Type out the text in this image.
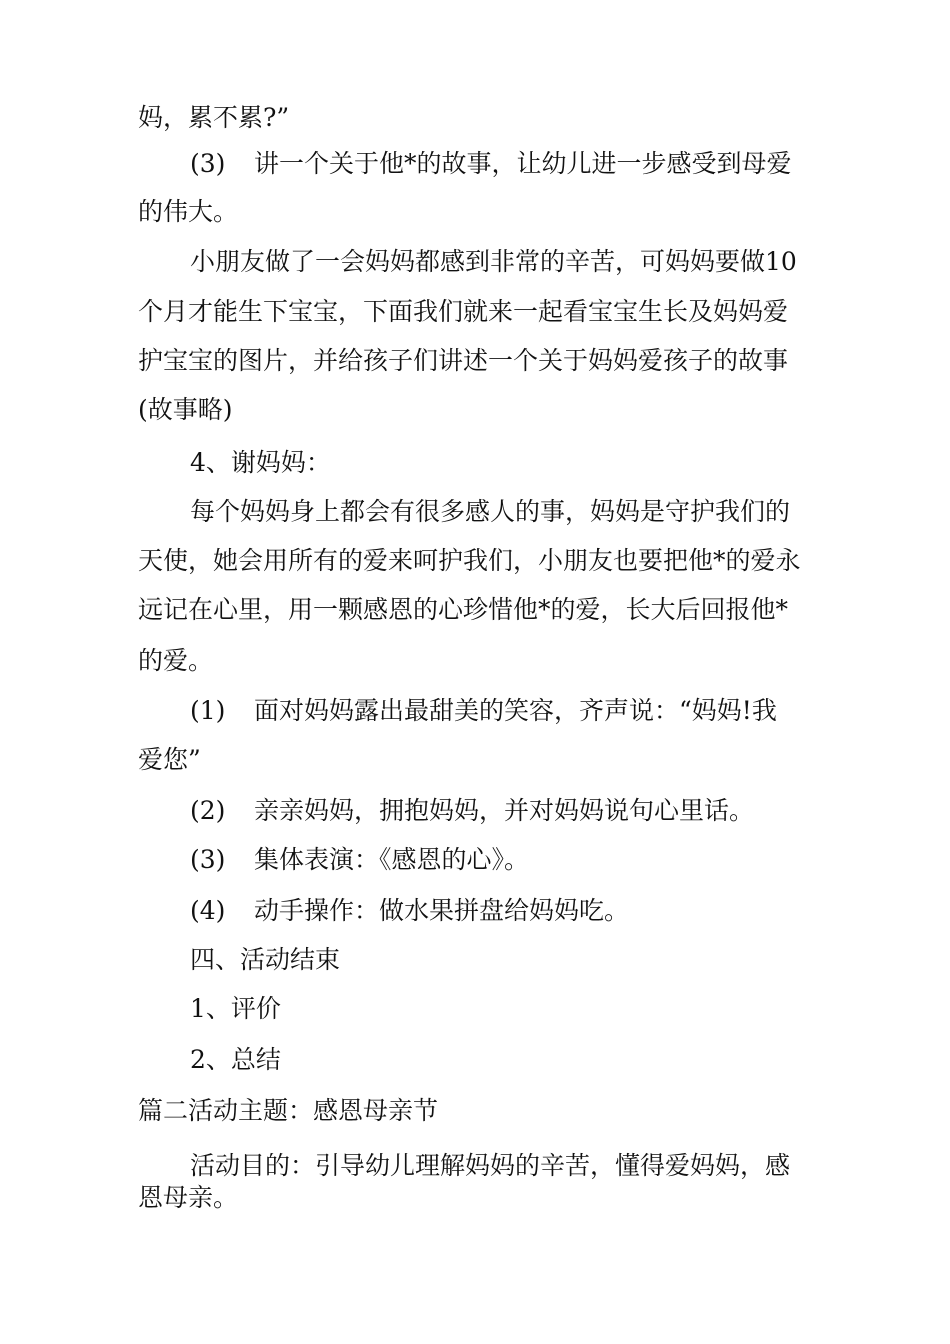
妈，累不累?”

(3) 讲一个关于他*的故事，让幼儿进一步感受到母爱

的伟大。

小朋友做了一会妈妈都感到非常的辛苦，可妈妈要做10

个月才能生下宝宝，下面我们就来一起看宝宝生长及妈妈爱

护宝宝的图片，并给孩子们讲述一个关于妈妈爱孩子的故事

(故事略)

4、谢妈妈：

每个妈妈身上都会有很多感人的事，妈妈是守护我们的

天使，她会用所有的爱来呵护我们，小朋友也要把他*的爱永

远记在心里，用一颗感恩的心珍惜他*的爱，长大后回报他*

的爱。

(1) 面对妈妈露出最甜美的笑容，齐声说：“妈妈!我

爱您”

(2) 亲亲妈妈，拥抱妈妈，并对妈妈说句心里话。

(3) 集体表演：《感恩的心》。

(4) 动手操作：做水果拼盘给妈妈吃。

四、活动结束

1、评价

2、总结

篇二活动主题：感恩母亲节

活动目的：引导幼儿理解妈妈的辛苦，懂得爱妈妈，感

恩母亲。
